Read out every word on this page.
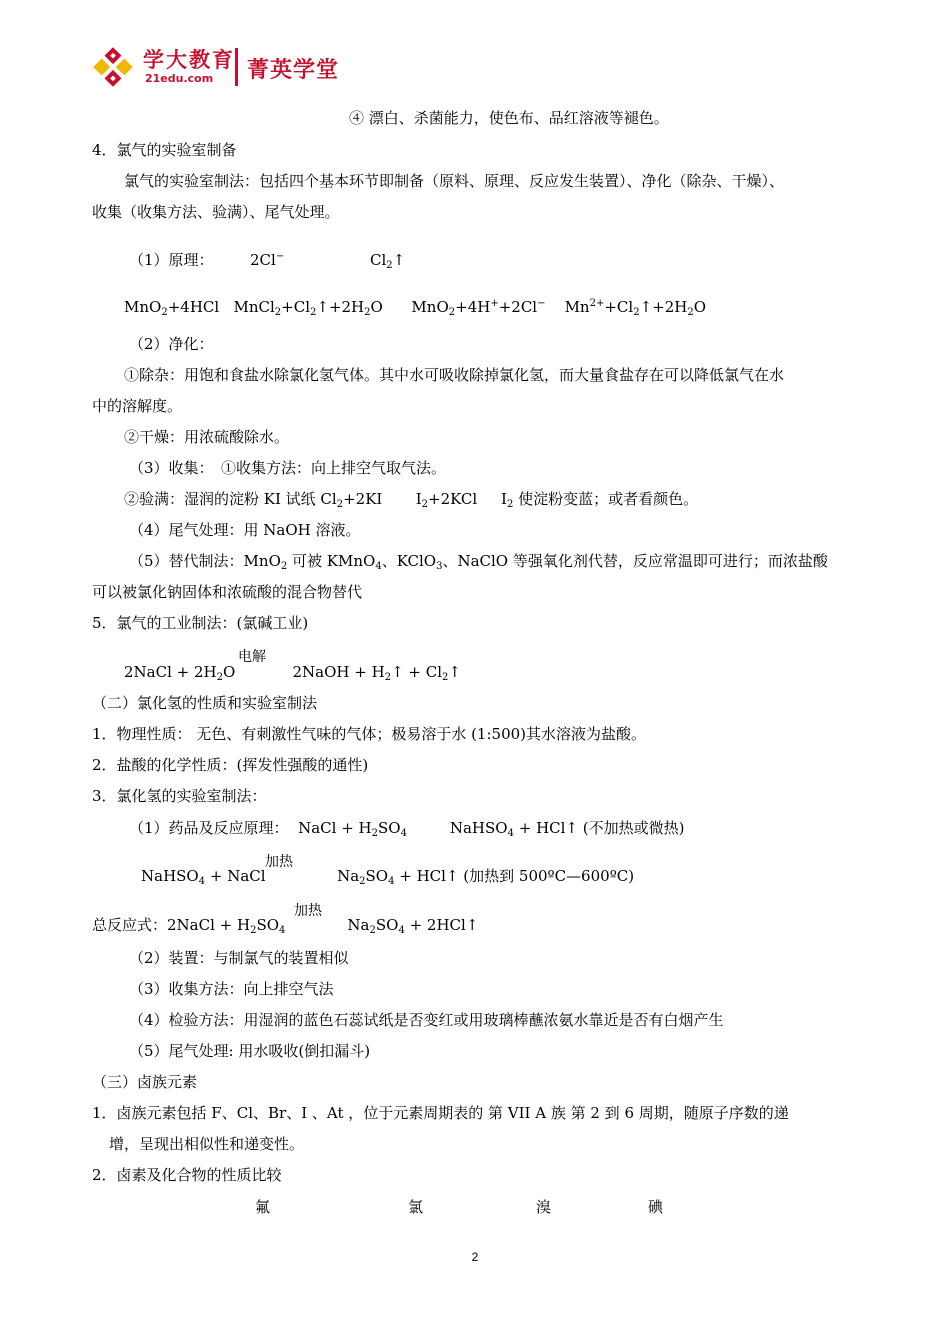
学大教育
21edu.com 菁英学堂
④ 漂白、杀菌能力，使色布、品红溶液等褪色。
4．氯气的实验室制备
氯气的实验室制法：包括四个基本环节即制备（原料、原理、反应发生装置）、净化（除杂、干燥）、
收集（收集方法、验满）、尾气处理。
（1）原理： 2Cl−	$Cl_2↑$
MnO$_2$+4HCl   $MnCl_2+Cl_2↑+2H_2O$      MnO$_2$+4H++2Cl−    $Mn^{2+}+Cl_2↑+2H_2O$
（2）净化：
①除杂：用饱和食盐水除氯化氢气体。其中水可吸收除掉氯化氢，而大量食盐存在可以降低氯气在水
中的溶解度。
②干燥：用浓硫酸除水。
（3）收集：　①收集方法：向上排空气取气法。
②验满：湿润的淀粉 KI 试纸 $Cl_2+2KI$       $I_2+2KCl$     $I_2$ 使淀粉变蓝；或者看颜色。
（4）尾气处理：用 NaOH 溶液。
（5）替代制法：MnO$_2$ 可被 KMnO$_4$、KClO$_3$、NaClO 等强氧化剂代替，反应常温即可进行；而浓盐酸
可以被氯化钠固体和浓硫酸的混合物替代
5．氯气的工业制法：(氯碱工业)
电解
2NaCl + $2H_2O$            2NaOH + $H_2↑$ + $Cl_2↑$
（二）氯化氢的性质和实验室制法
1．物理性质： 无色、有刺激性气味的气体；极易溶于水 (1:500)其水溶液为盐酸。
2．盐酸的化学性质：(挥发性强酸的通性)
3．氯化氢的实验室制法：
（1）药品及反应原理：  NaCl + $H_2SO_4$         NaHSO$_4$ + HCl↑ (不加热或微热)
加热
NaHSO$_4$ + NaCl               $Na_2SO_4$ + HCl↑ (加热到 500ºC—600ºC)
加热
总反应式：2NaCl + $H_2SO_4$             $Na_2SO_4$ + 2HCl↑
（2）装置：与制氯气的装置相似
（3）收集方法：向上排空气法
（4）检验方法：用湿润的蓝色石蕊试纸是否变红或用玻璃棒蘸浓氨水靠近是否有白烟产生
（5）尾气处理: 用水吸收(倒扣漏斗)
（三）卤族元素
1．卤族元素包括 F、Cl、Br、I 、At ，位于元素周期表的 第 VII A 族 第 2 到 6 周期，随原子序数的递
增，呈现出相似性和递变性。
2．卤素及化合物的性质比较
氟	氯	溴	碘
2
